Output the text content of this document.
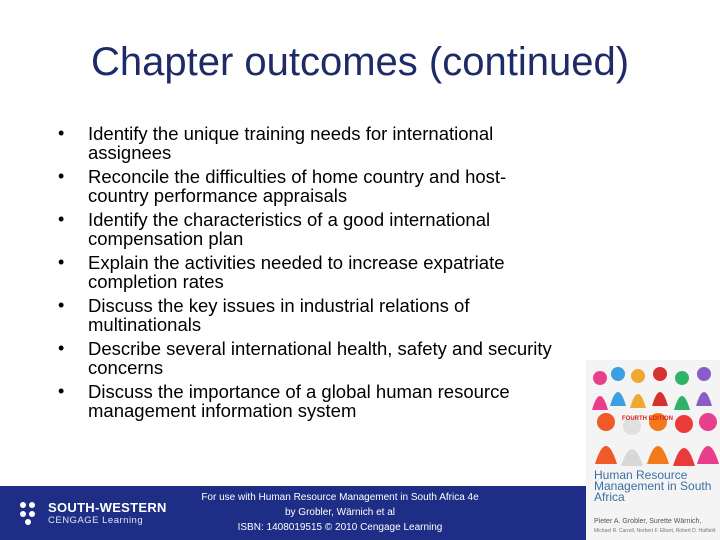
Chapter outcomes (continued)
• Identify the unique training needs for international assignees
• Reconcile the difficulties of home country and host-country performance appraisals
• Identify the characteristics of a good international compensation plan
• Explain the activities needed to increase expatriate completion rates
• Discuss the key issues in industrial relations of multinationals
• Describe several international health, safety and security concerns
• Discuss the importance of a global human resource management information system	FOURTH EDITION
Human Resource Management in South Africa
Pieter A. Grobler, Surette Wärnich,
Michael R. Carrell, Norbert F. Elbert, Robert D. Hatfield
SOUTH-WESTERN
CENGAGE Learning
For use with Human Resource Management in South Africa 4e
by Grobler, Wärnich et al
ISBN: 1408019515 © 2010 Cengage Learning
